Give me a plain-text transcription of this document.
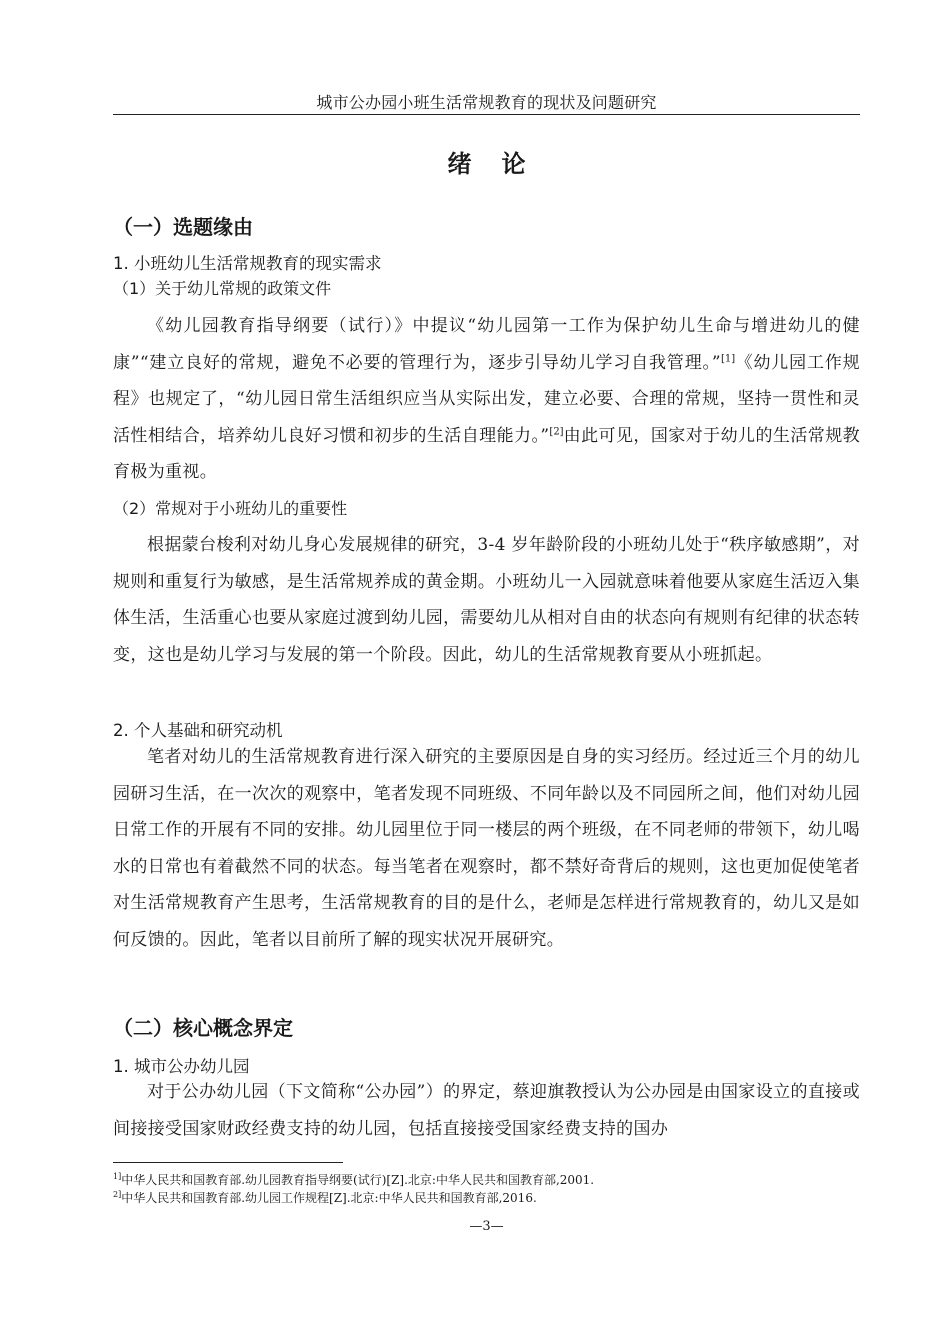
城市公办园小班生活常规教育的现状及问题研究
绪论
（一）选题缘由
1. 小班幼儿生活常规教育的现实需求
（1）关于幼儿常规的政策文件
《幼儿园教育指导纲要（试行）》中提议“幼儿园第一工作为保护幼儿生命与增进幼儿的健康”“建立良好的常规，避免不必要的管理行为，逐步引导幼儿学习自我管理。”[1]《幼儿园工作规程》也规定了，“幼儿园日常生活组织应当从实际出发，建立必要、合理的常规，坚持一贯性和灵活性相结合，培养幼儿良好习惯和初步的生活自理能力。”[2]由此可见，国家对于幼儿的生活常规教育极为重视。
（2）常规对于小班幼儿的重要性
根据蒙台梭利对幼儿身心发展规律的研究，3-4 岁年龄阶段的小班幼儿处于“秩序敏感期”，对规则和重复行为敏感，是生活常规养成的黄金期。小班幼儿一入园就意味着他要从家庭生活迈入集体生活，生活重心也要从家庭过渡到幼儿园，需要幼儿从相对自由的状态向有规则有纪律的状态转变，这也是幼儿学习与发展的第一个阶段。因此，幼儿的生活常规教育要从小班抓起。
2. 个人基础和研究动机
笔者对幼儿的生活常规教育进行深入研究的主要原因是自身的实习经历。经过近三个月的幼儿园研习生活，在一次次的观察中，笔者发现不同班级、不同年龄以及不同园所之间，他们对幼儿园日常工作的开展有不同的安排。幼儿园里位于同一楼层的两个班级，在不同老师的带领下，幼儿喝水的日常也有着截然不同的状态。每当笔者在观察时，都不禁好奇背后的规则，这也更加促使笔者对生活常规教育产生思考，生活常规教育的目的是什么，老师是怎样进行常规教育的，幼儿又是如何反馈的。因此，笔者以目前所了解的现实状况开展研究。
（二）核心概念界定
1. 城市公办幼儿园
对于公办幼儿园（下文简称“公办园”）的界定，蔡迎旗教授认为公办园是由国家设立的直接或间接接受国家财政经费支持的幼儿园，包括直接接受国家经费支持的国办
$^{1]}$中华人民共和国教育部.幼儿园教育指导纲要(试行)[Z].北京:中华人民共和国教育部,2001.
$^{2]}$中华人民共和国教育部.幼儿园工作规程[Z].北京:中华人民共和国教育部,2016.
—3—
